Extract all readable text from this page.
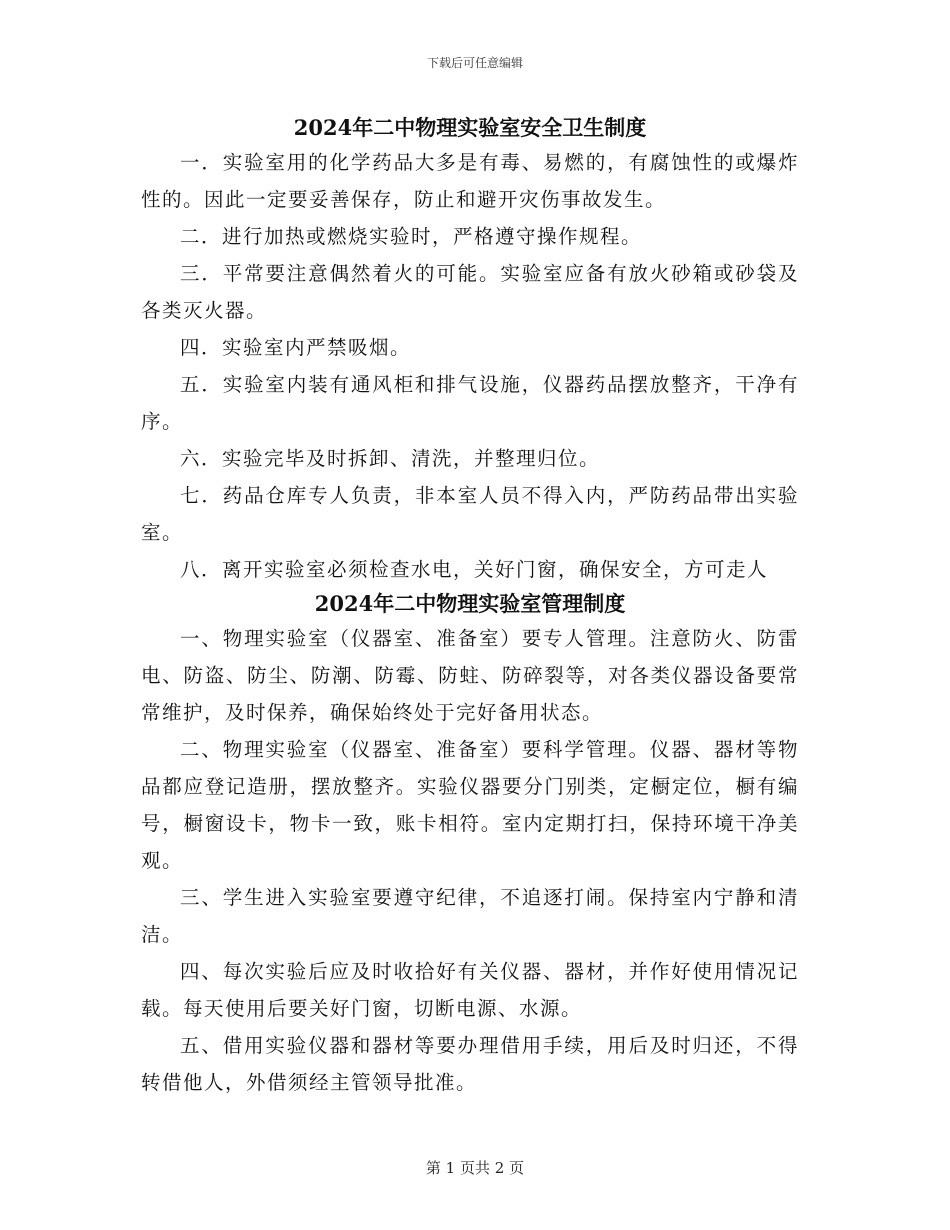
下载后可任意编辑
2024年二中物理实验室安全卫生制度

一．实验室用的化学药品大多是有毒、易燃的，有腐蚀性的或爆炸性的。因此一定要妥善保存，防止和避开灾伤事故发生。

二．进行加热或燃烧实验时，严格遵守操作规程。

三．平常要注意偶然着火的可能。实验室应备有放火砂箱或砂袋及各类灭火器。

四．实验室内严禁吸烟。

五．实验室内装有通风柜和排气设施，仪器药品摆放整齐，干净有序。

六．实验完毕及时拆卸、清洗，并整理归位。

七．药品仓库专人负责，非本室人员不得入内，严防药品带出实验室。

八．离开实验室必须检查水电，关好门窗，确保安全，方可走人

2024年二中物理实验室管理制度

一、物理实验室（仪器室、准备室）要专人管理。注意防火、防雷电、防盗、防尘、防潮、防霉、防蛀、防碎裂等，对各类仪器设备要常常维护，及时保养，确保始终处于完好备用状态。

二、物理实验室（仪器室、准备室）要科学管理。仪器、器材等物品都应登记造册，摆放整齐。实验仪器要分门别类，定橱定位，橱有编号，橱窗设卡，物卡一致，账卡相符。室内定期打扫，保持环境干净美观。

三、学生进入实验室要遵守纪律，不追逐打闹。保持室内宁静和清洁。

四、每次实验后应及时收拾好有关仪器、器材，并作好使用情况记载。每天使用后要关好门窗，切断电源、水源。

五、借用实验仪器和器材等要办理借用手续，用后及时归还，不得转借他人，外借须经主管领导批准。

第 1 页共 2 页
